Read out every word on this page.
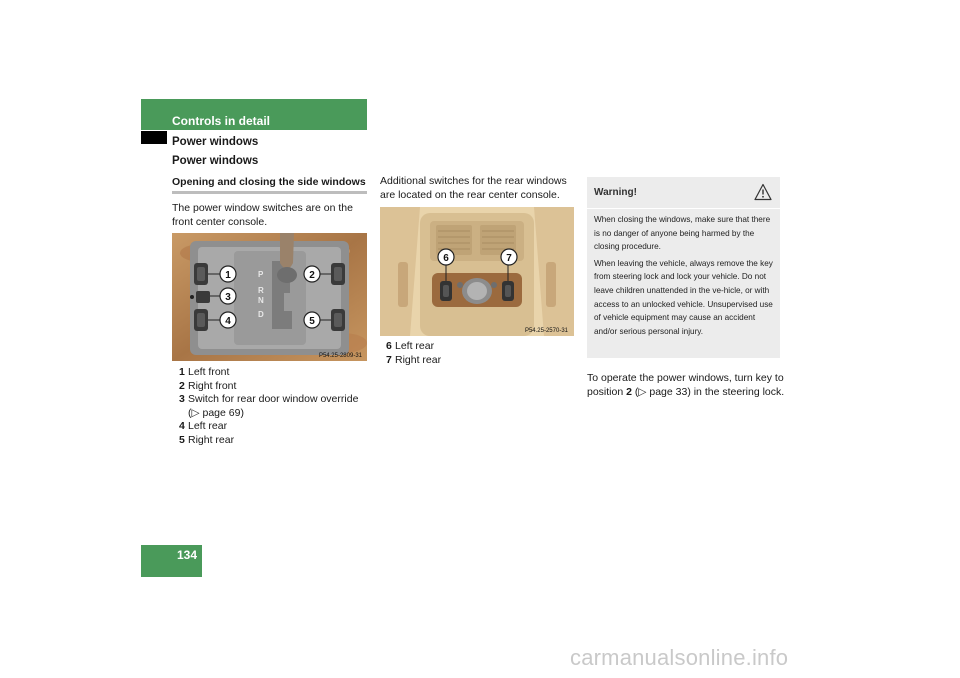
Controls in detail
Power windows
Power windows
Opening and closing the side windows
The power window switches are on the front center console.
P
R
N
D
1
3
4
2
5
P54.25-2809-31
1 Left front
2 Right front
3 Switch for rear door window override
(▷ page 69)
4 Left rear
5 Right rear
Additional switches for the rear windows are located on the rear center console.
6	7
P54.25-2570-31
6 Left rear
7 Right rear
Warning!

When closing the windows, make sure that there is no danger of anyone being harmed by the closing procedure.

When leaving the vehicle, always remove the key from steering lock and lock your vehicle. Do not leave children unattended in the ve-hicle, or with access to an unlocked vehicle. Unsupervised use of vehicle equipment may cause an accident and/or serious personal injury.

To operate the power windows, turn key to position 2 (▷ page 33) in the steering lock.
134
carmanualsonline.info
